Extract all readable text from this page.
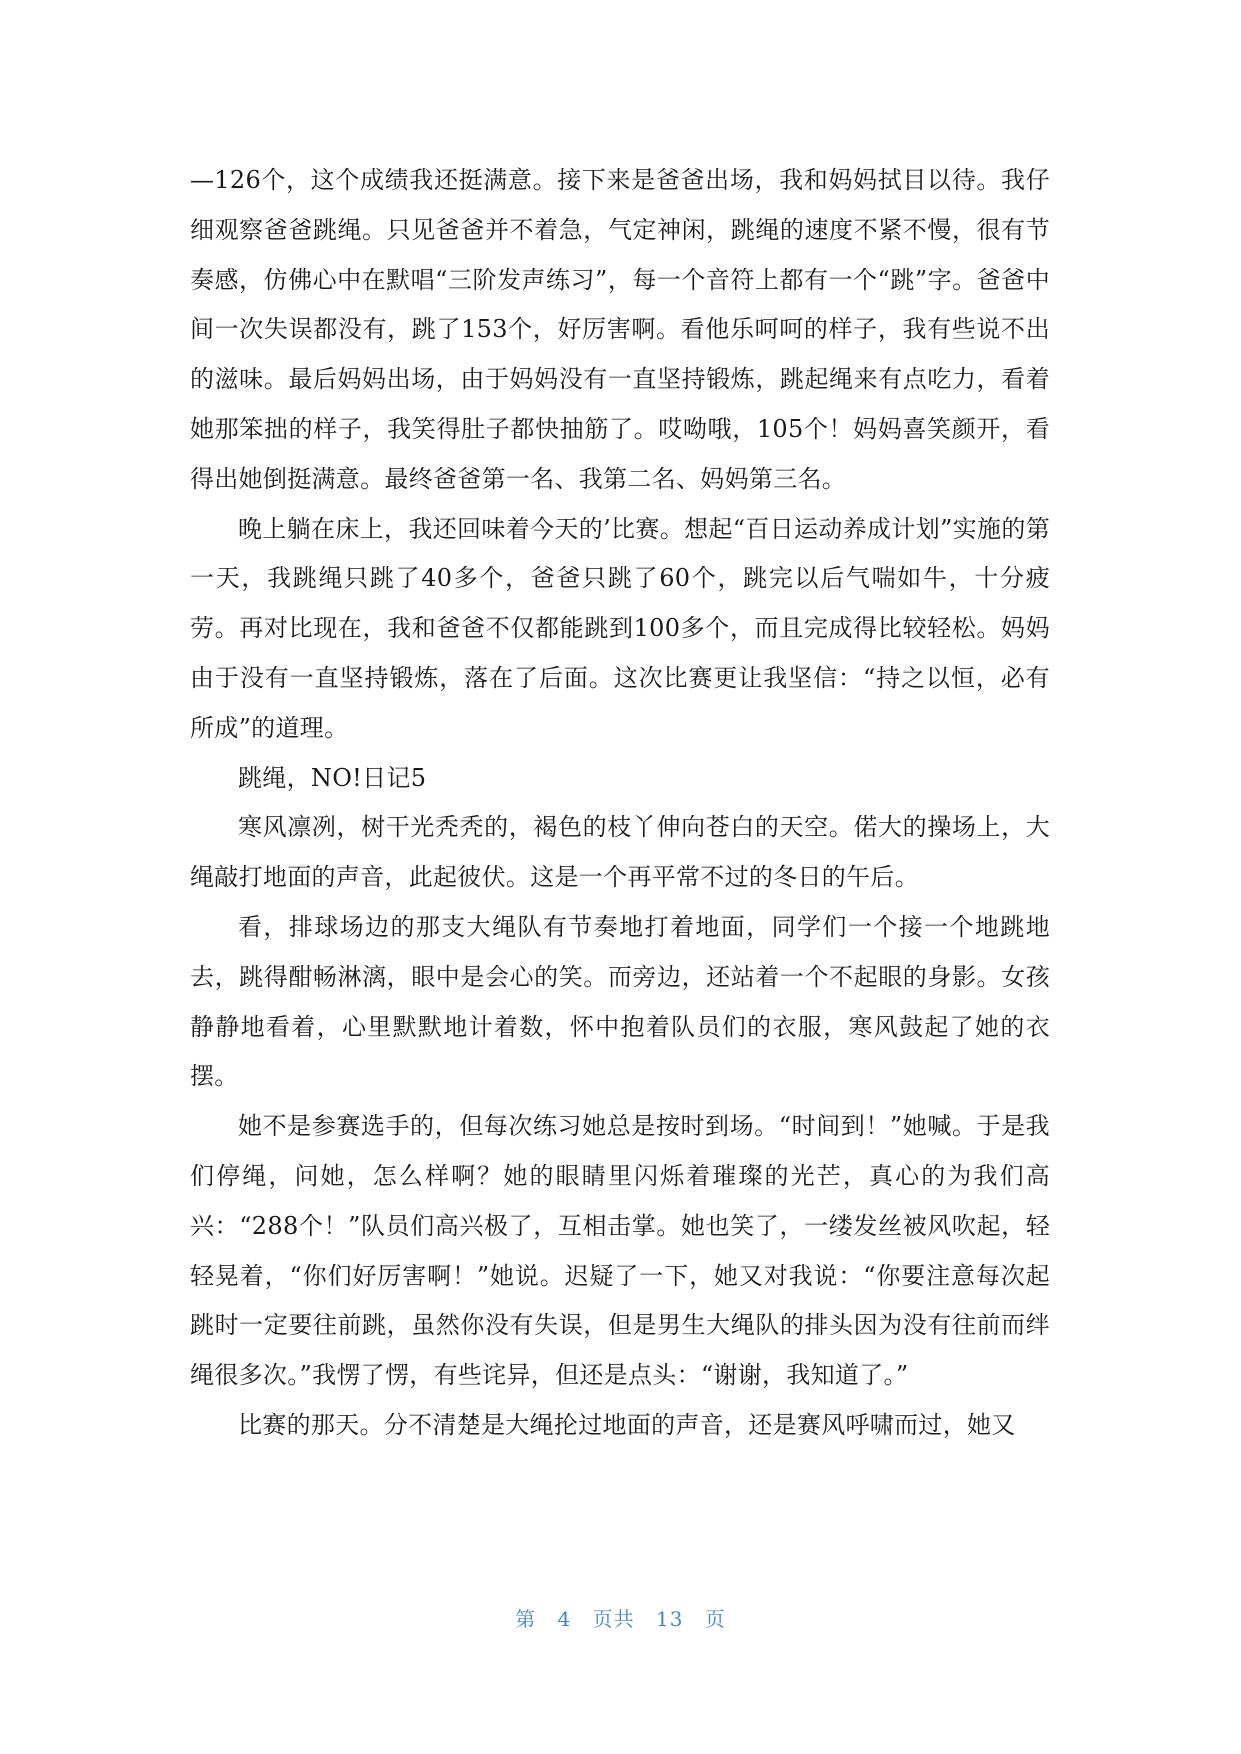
—126个，这个成绩我还挺满意。接下来是爸爸出场，我和妈妈拭目以待。我仔细观察爸爸跳绳。只见爸爸并不着急，气定神闲，跳绳的速度不紧不慢，很有节奏感，仿佛心中在默唱“三阶发声练习”，每一个音符上都有一个“跳”字。爸爸中间一次失误都没有，跳了153个，好厉害啊。看他乐呵呵的样子，我有些说不出的滋味。最后妈妈出场，由于妈妈没有一直坚持锻炼，跳起绳来有点吃力，看着她那笨拙的样子，我笑得肚子都快抽筋了。哎呦哦，105个！妈妈喜笑颜开，看得出她倒挺满意。最终爸爸第一名、我第二名、妈妈第三名。

晚上躺在床上，我还回味着今天的’比赛。想起“百日运动养成计划”实施的第一天，我跳绳只跳了40多个，爸爸只跳了60个，跳完以后气喘如牛，十分疲劳。再对比现在，我和爸爸不仅都能跳到100多个，而且完成得比较轻松。妈妈由于没有一直坚持锻炼，落在了后面。这次比赛更让我坚信：“持之以恒，必有所成”的道理。

跳绳，NO!日记5

寒风凛冽，树干光秃秃的，褐色的枝丫伸向苍白的天空。偌大的操场上，大绳敲打地面的声音，此起彼伏。这是一个再平常不过的冬日的午后。

看，排球场边的那支大绳队有节奏地打着地面，同学们一个接一个地跳地去，跳得酣畅淋漓，眼中是会心的笑。而旁边，还站着一个不起眼的身影。女孩静静地看着，心里默默地计着数，怀中抱着队员们的衣服，寒风鼓起了她的衣摆。

她不是参赛选手的，但每次练习她总是按时到场。“时间到！”她喊。于是我们停绳，问她，怎么样啊？她的眼睛里闪烁着璀璨的光芒，真心的为我们高兴：“288个！”队员们高兴极了，互相击掌。她也笑了，一缕发丝被风吹起，轻轻晃着，“你们好厉害啊！”她说。迟疑了一下，她又对我说：“你要注意每次起跳时一定要往前跳，虽然你没有失误，但是男生大绳队的排头因为没有往前而绊绳很多次。”我愣了愣，有些诧异，但还是点头：“谢谢，我知道了。”

比赛的那天。分不清楚是大绳抡过地面的声音，还是赛风呼啸而过，她又

第 4 页共 13 页
